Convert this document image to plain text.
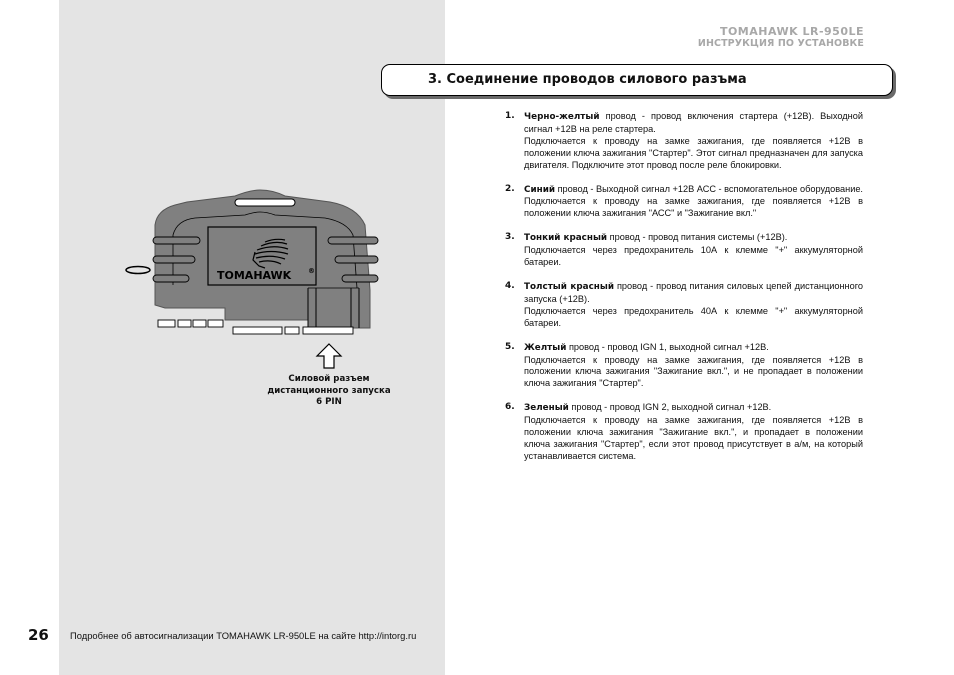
TOMAHAWK LR-950LE
ИНСТРУКЦИЯ ПО УСТАНОВКЕ
3. Соединение проводов силового разъма
TOMAHAWK ®
Силовой разъем
дистанционного запуска
6 PIN
1. Черно-желтый провод - провод включения стартера (+12В). Выходной сигнал +12В на реле стартера.

Подключается к проводу на замке зажигания, где появляется +12В в положении ключа зажигания "Стартер". Этот сигнал предназначен для запуска двигателя. Подключите этот провод после реле блокировки.

2. Синий провод - Выходной сигнал +12В АСС - вспомогательное оборудование.

Подключается к проводу на замке зажигания, где появляется +12В в положении ключа зажигания "АСС" и "Зажигание вкл."

3. Тонкий красный провод - провод питания системы (+12В).

Подключается через предохранитель 10А к клемме "+" аккумуляторной батареи.

4. Толстый красный провод - провод питания силовых цепей дистанционного запуска (+12В).

Подключается через предохранитель 40А к клемме "+" аккумуляторной батареи.

5. Желтый провод - провод IGN 1, выходной сигнал +12В.

Подключается к проводу на замке зажигания, где появляется +12В в положении ключа зажигания "Зажигание вкл.", и не пропадает в положении ключа зажигания "Стартер".

6. Зеленый провод - провод IGN 2, выходной сигнал +12В.

Подключается к проводу на замке зажигания, где появляется +12В в положении ключа зажигания "Зажигание вкл.", и пропадает в положении ключа зажигания "Стартер", если этот провод присутствует в а/м, на который устанавливается система.

26 Подробнее об автосигнализации TOMAHAWK LR-950LE на сайте http://intorg.ru
